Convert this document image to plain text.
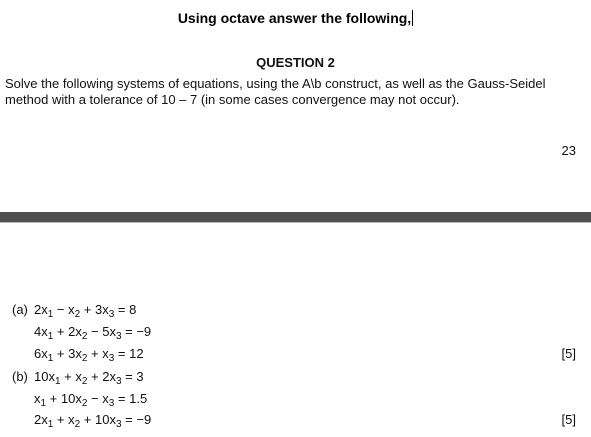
Using octave answer the following,
QUESTION 2
Solve the following systems of equations, using the A\b construct, as well as the Gauss-Seidel
method with a tolerance of 10 – 7 (in some cases convergence may not occur).
23
(a) $2x_1 - x_2 + 3x_3 = 8$
$4x_1 + 2x_2 - 5x_3 = -9$
$6x_1 + 3x_2 + x_3 = 12$	[5]
(b) $10x_1 + x_2 + 2x_3 = 3$
$x_1 + 10x_2 - x_3 = 1.5$
$2x_1 + x_2 + 10x_3 = -9$	[5]
